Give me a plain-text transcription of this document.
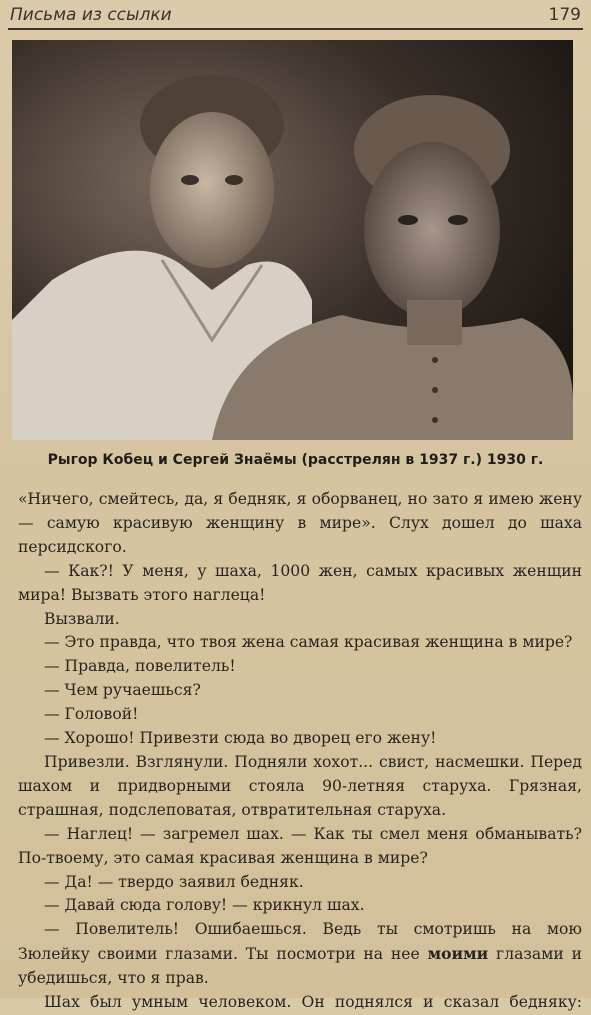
Письма из ссылки	179
Рыгор Кобец и Сергей Знаёмы (расстрелян в 1937 г.) 1930 г.

«Ничего, смейтесь, да, я бедняк, я оборванец, но зато я имею жену — самую красивую женщину в мире». Слух дошел до шаха персидского.

— Как?! У меня, у шаха, 1000 жен, самых красивых женщин мира! Вызвать этого наглеца!

Вызвали.

— Это правда, что твоя жена самая красивая женщина в мире?

— Правда, повелитель!

— Чем ручаешься?

— Головой!

— Хорошо! Привезти сюда во дворец его жену!

Привезли. Взглянули. Подняли хохот... свист, насмешки. Перед шахом и придворными стояла 90-летняя старуха. Грязная, страшная, подслеповатая, отвратительная старуха.

— Наглец! — загремел шах. — Как ты смел меня обманывать? По-твоему, это самая красивая женщина в мире?

— Да! — твердо заявил бедняк.

— Давай сюда голову! — крикнул шах.

— Повелитель! Ошибаешься. Ведь ты смотришь на мою Зюлейку своими глазами. Ты посмотри на нее моими глазами и убедишься, что я прав.

Шах был умным человеком. Он поднялся и сказал бедняку:
